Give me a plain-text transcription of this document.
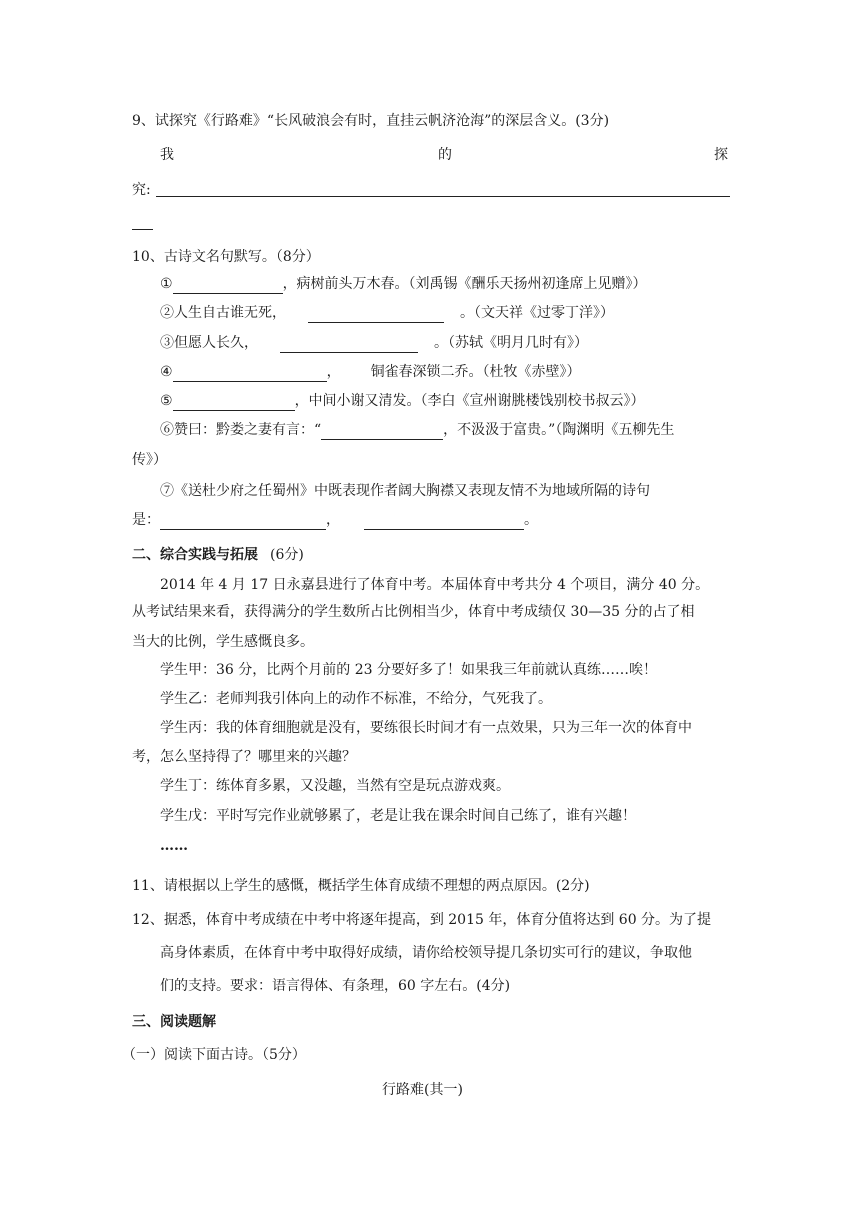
9、试探究《行路难》“长风破浪会有时，直挂云帆济沧海”的深层含义。(3分)
我	的	探
究:
10、古诗文名句默写。（8分）
①	，病树前头万木春。（刘禹锡《酬乐天扬州初逢席上见赠》）
②人生自古谁无死，	。（文天祥《过零丁洋》）
③但愿人长久，	。（苏轼《明月几时有》）
④	， 铜雀春深锁二乔。（杜牧《赤壁》）
⑤	，中间小谢又清发。（李白《宣州谢朓楼饯别校书叔云》）
⑥赞曰：黔娄之妻有言：“	，不汲汲于富贵。”（陶渊明《五柳先生
传》）
⑦《送杜少府之任蜀州》中既表现作者阔大胸襟又表现友情不为地域所隔的诗句
是：	，	。
二、综合实践与拓展 (6分)
2014 年 4 月 17 日永嘉县进行了体育中考。本届体育中考共分 4 个项目，满分 40 分。
从考试结果来看，获得满分的学生数所占比例相当少，体育中考成绩仅 30—35 分的占了相
当大的比例，学生感慨良多。
学生甲：36 分，比两个月前的 23 分要好多了！如果我三年前就认真练……唉！
学生乙：老师判我引体向上的动作不标准，不给分，气死我了。
学生丙：我的体育细胞就是没有，要练很长时间才有一点效果，只为三年一次的体育中
考，怎么坚持得了？哪里来的兴趣？
学生丁：练体育多累，又没趣，当然有空是玩点游戏爽。
学生戊：平时写完作业就够累了，老是让我在课余时间自己练了，谁有兴趣！
……
11、请根据以上学生的感慨，概括学生体育成绩不理想的两点原因。(2分)
12、据悉，体育中考成绩在中考中将逐年提高，到 2015 年，体育分值将达到 60 分。为了提
高身体素质，在体育中考中取得好成绩，请你给校领导提几条切实可行的建议，争取他
们的支持。要求：语言得体、有条理，60 字左右。(4分)
三、阅读题解
（一）阅读下面古诗。（5分）
行路难(其一)
